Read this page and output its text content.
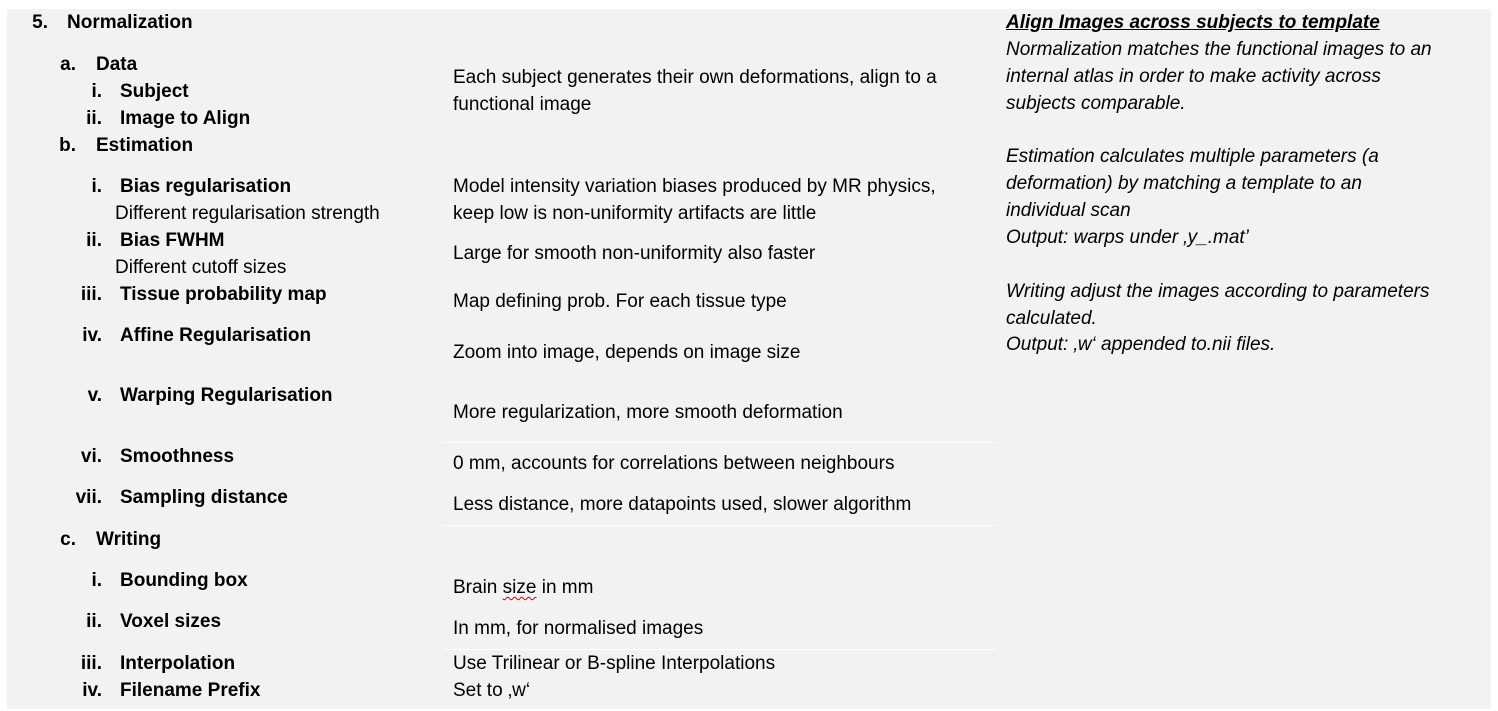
5. Normalization
a. Data
b. Estimation
c. Writing
i. Subject
ii. Image to Align
i. Bias regularisation
Different regularisation strength
ii. Bias FWHM
Different cutoff sizes
iii. Tissue probability map
iv. Affine Regularisation
v. Warping Regularisation
vi. Smoothness
vii. Sampling distance
i. Bounding box
ii. Voxel sizes
iii. Interpolation
iv. Filename Prefix
Each subject generates their own deformations, align to a
functional image
Model intensity variation biases produced by MR physics,
keep low is non-uniformity artifacts are little
Large for smooth non-uniformity also faster
Map defining prob. For each tissue type
Zoom into image, depends on image size
More regularization, more smooth deformation
0 mm, accounts for correlations between neighbours
Less distance, more datapoints used, slower algorithm
Brain size in mm
In mm, for normalised images
Use Trilinear or B-spline Interpolations
Set to ‚w‘
Align Images across subjects to template
Normalization matches the functional images to an
internal atlas in order to make activity across
subjects comparable.
Estimation calculates multiple parameters (a
deformation) by matching a template to an
individual scan
Output: warps under ‚y_.mat’
Writing adjust the images according to parameters
calculated.
Output: ‚w‘ appended to.nii files.
